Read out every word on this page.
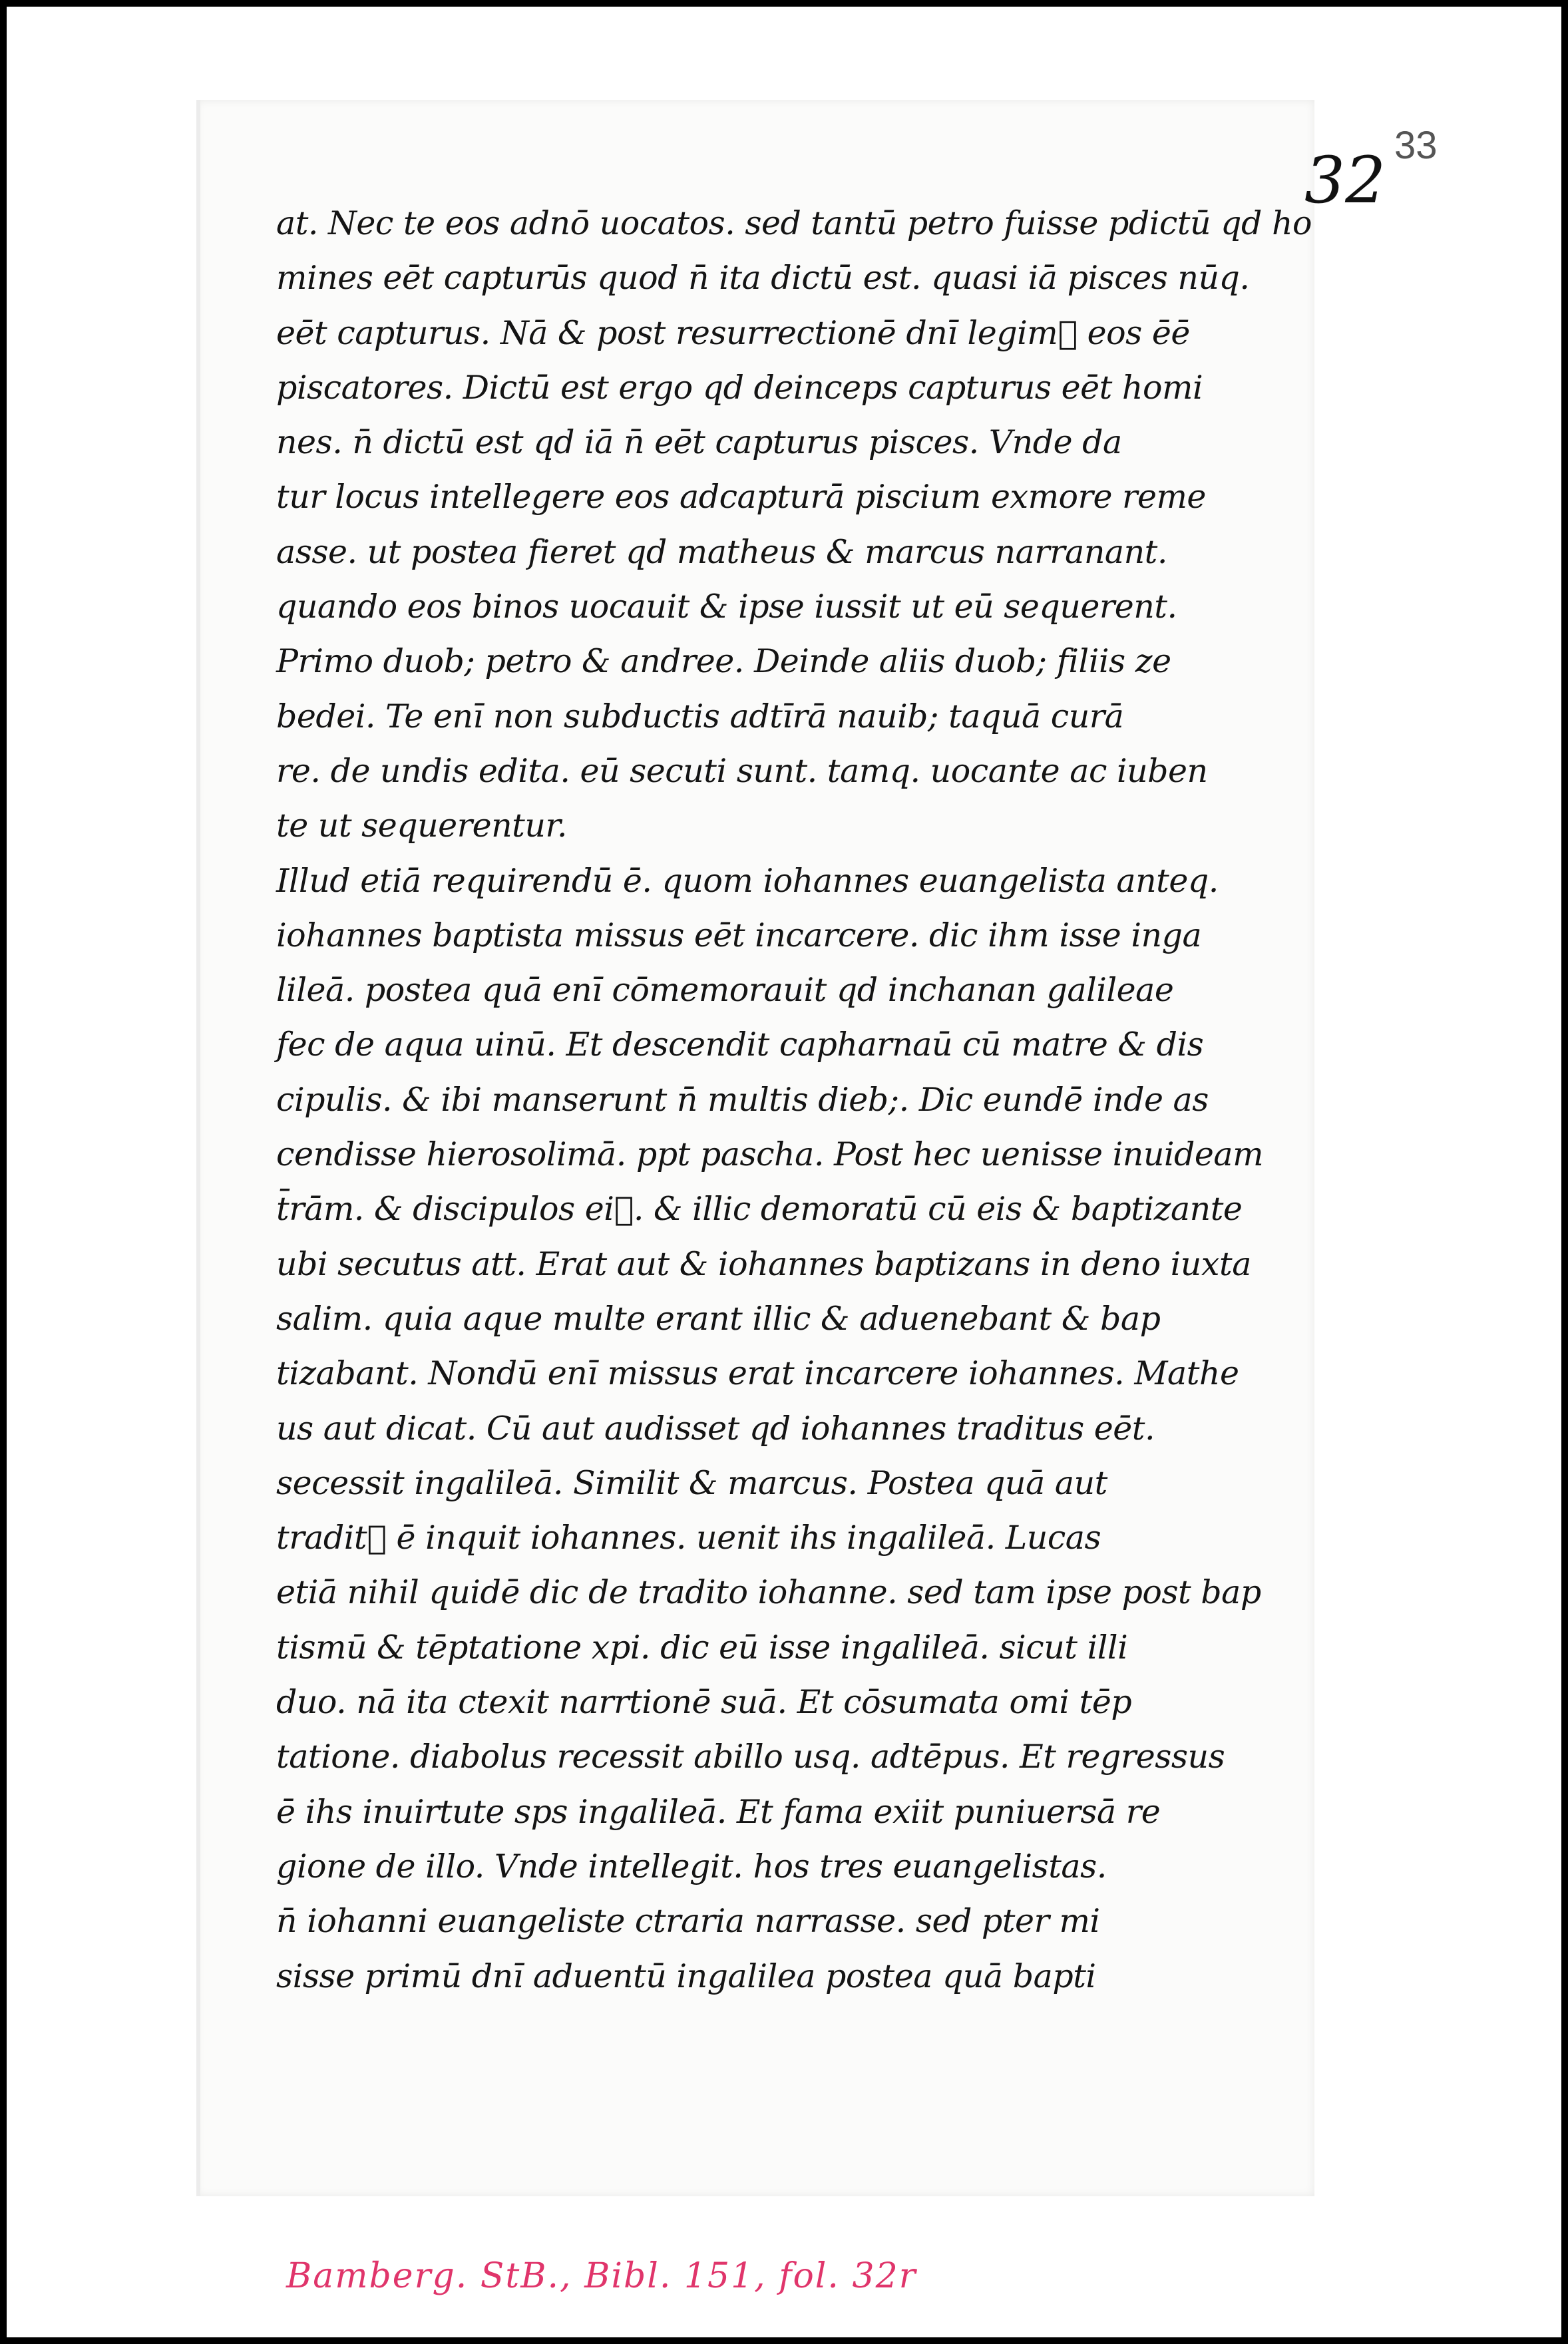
32 33
at. Nec te eos adnō uocatos. sed tantū petro fuisse pdictū qd ho
mines eēt capturūs quod n̄ ita dictū est. quasi iā pisces nūq.
eēt capturus. Nā & post resurrectionē dnī legim᷒ eos ēē
piscatores. Dictū est ergo qd deinceps capturus eēt homi
nes. n̄ dictū est qd iā n̄ eēt capturus pisces. Vnde da
tur locus intellegere eos adcapturā piscium exmore reme
asse. ut postea fieret qd matheus & marcus narranant.
quando eos binos uocauit & ipse iussit ut eū sequerent.
Primo duob; petro & andree. Deinde aliis duob; filiis ze
bedei. Te enī non subductis adtīrā nauib; taquā curā
re. de undis edita. eū secuti sunt. tamq. uocante ac iuben
te ut sequerentur.
Illud etiā requirendū ē. quom iohannes euangelista anteq.
iohannes baptista missus eēt incarcere. dic ihm isse inga
lileā. postea quā enī cōmemorauit qd inchanan galileae
fec de aqua uinū. Et descendit capharnaū cū matre & dis
cipulis. & ibi manserunt n̄ multis dieb;. Dic eundē inde as
cendisse hierosolimā. ppt pascha. Post hec uenisse inuideam
t̄rām. & discipulos ei᷒. & illic demoratū cū eis & baptizante
ubi secutus att. Erat aut & iohannes baptizans in deno iuxta
salim. quia aque multe erant illic & aduenebant & bap
tizabant. Nondū enī missus erat incarcere iohannes. Mathe
us aut dicat. Cū aut audisset qd iohannes traditus eēt.
secessit ingalileā. Similit & marcus. Postea quā aut
tradit᷒ ē inquit iohannes. uenit ihs ingalileā. Lucas
etiā nihil quidē dic de tradito iohanne. sed tam ipse post bap
tismū & tēptatione xpi. dic eū isse ingalileā. sicut illi
duo. nā ita ctexit narrtionē suā. Et cōsumata omi tēp
tatione. diabolus recessit abillo usq. adtēpus. Et regressus
ē ihs inuirtute sps ingalileā. Et fama exiit puniuersā re
gione de illo. Vnde intellegit. hos tres euangelistas.
n̄ iohanni euangeliste ctraria narrasse. sed pter mi
sisse primū dnī aduentū ingalilea postea quā bapti
Bamberg. StB., Bibl. 151, fol. 32r
